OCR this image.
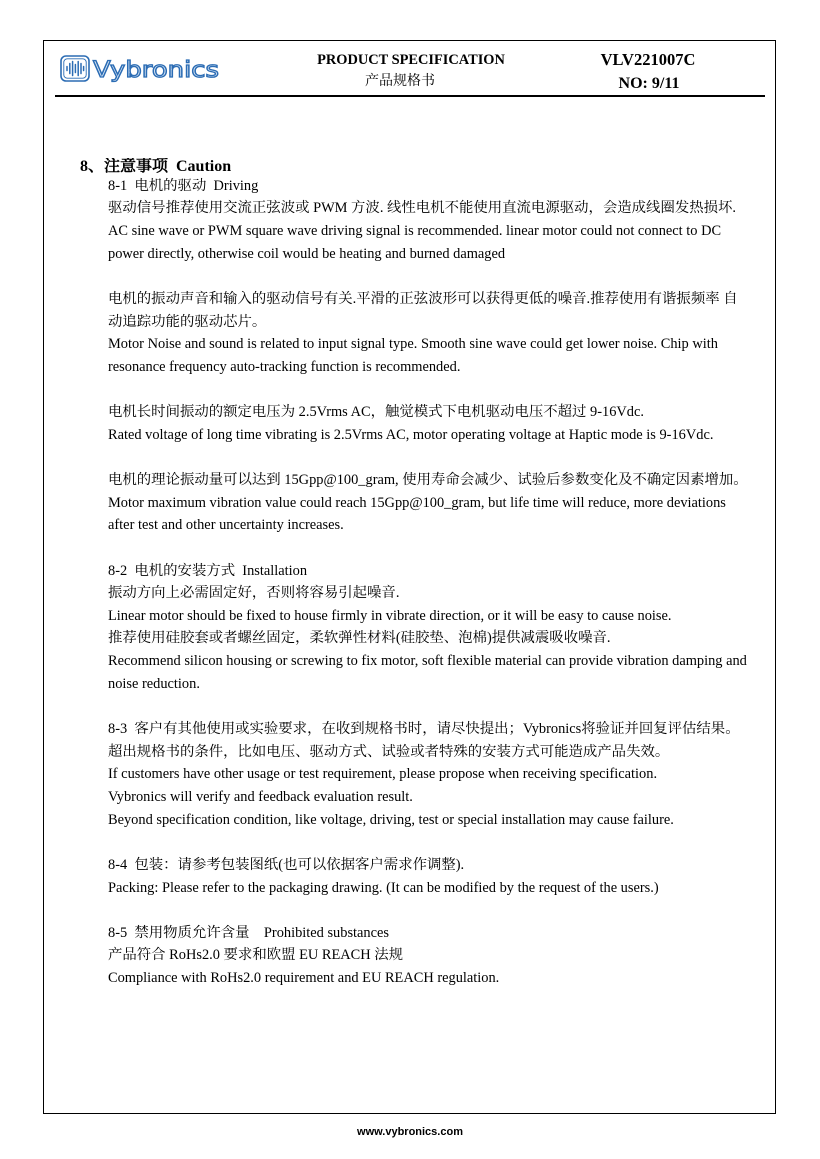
Vybronics	PRODUCT SPECIFICATION
产品规格书
VLV221007C
NO: 9/11
8、注意事项  Caution
8-1  电机的驱动  Driving
驱动信号推荐使用交流正弦波或 PWM 方波. 线性电机不能使用直流电源驱动，会造成线圈发热损坏.
AC sine wave or PWM square wave driving signal is recommended. linear motor could not connect to DC
power directly, otherwise coil would be heating and burned damaged
电机的振动声音和输入的驱动信号有关.平滑的正弦波形可以获得更低的噪音.推荐使用有谐振频率 自
动追踪功能的驱动芯片。
Motor Noise and sound is related to input signal type. Smooth sine wave could get lower noise. Chip with
resonance frequency auto-tracking function is recommended.
电机长时间振动的额定电压为 2.5Vrms AC，触觉模式下电机驱动电压不超过 9-16Vdc.
Rated voltage of long time vibrating is 2.5Vrms AC, motor operating voltage at Haptic mode is 9-16Vdc.
电机的理论振动量可以达到 15Gpp@100_gram, 使用寿命会减少、试验后参数变化及不确定因素增加。
Motor maximum vibration value could reach 15Gpp@100_gram, but life time will reduce, more deviations
after test and other uncertainty increases.
8-2  电机的安装方式  Installation
振动方向上必需固定好，否则将容易引起噪音.
Linear motor should be fixed to house firmly in vibrate direction, or it will be easy to cause noise.
推荐使用硅胶套或者螺丝固定，柔软弹性材料(硅胶垫、泡棉)提供减震吸收噪音.
Recommend silicon housing or screwing to fix motor, soft flexible material can provide vibration damping and
noise reduction.
8-3  客户有其他使用或实验要求，在收到规格书时，请尽快提出；Vybronics将验证并回复评估结果。
超出规格书的条件，比如电压、驱动方式、试验或者特殊的安装方式可能造成产品失效。
If customers have other usage or test requirement, please propose when receiving specification.
Vybronics will verify and feedback evaluation result.
Beyond specification condition, like voltage, driving, test or special installation may cause failure.
8-4  包装：请参考包装图纸(也可以依据客户需求作调整).
Packing: Please refer to the packaging drawing. (It can be modified by the request of the users.)
8-5  禁用物质允许含量    Prohibited substances
产品符合 RoHs2.0 要求和欧盟 EU REACH 法规
Compliance with RoHs2.0 requirement and EU REACH regulation.
www.vybronics.com
